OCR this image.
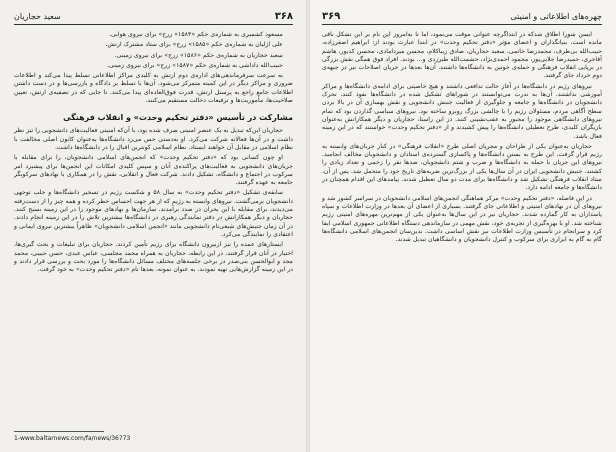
۳۶۸
سعید حجاریان

مسعود کشمیری به شماره‌ی حکم «۱۵۸۴» زرج» برای نیروی هوایی.

علی اژلیان به شماره‌ی حکم «۱۵۸۵» زرج» برای ستاد مشترک ارتش.

سعید حجاریان به شماره‌ی حکم «۱۵۸۶» زرج» برای نیروی زمینی.

حبیب‌الله داداشی به شماره‌ی حکم «۱۵۸۷» زرج» برای نیروی زمینی.

به سرعت سرفرماندهی‌های اداره‌ی دوم ارتش به کلیدی مراکز اطلاعاتی تسلط پیدا می‌کند و اطلاعات ضروری و مراکز دیگر در این کمیته متمرکز می‌شود. آن‌ها با تسلط بر دادگاه و بازرسی‌ها و در دست داشتن اطلاعات جامع راجع به پرسنل ارتش، قدرت فوق‌العاده‌ای پیدا می‌کنند. تا جایی که در تصفیه‌ی ارتش، تعیین صلاحیت‌ها، مأموریت‌ها و ترفیعات دخالت مستقیم می‌کنند.

مشارکت در تأسیس «دفتر تحکیم وحدت» و انقلاب فرهنگی

حجاریان این‌که تبدیل به یک عنصر امنیتی صرف شده بود، با آن‌که امنیتی فعالیت‌های دانشجویی را تیز نظر داشت و در آن‌ها فعالانه شرکت می‌کرد. او به‌دستی حس می‌زد دانشگاه‌ها به‌عنوان کانون اصلی مخالفت با نظام اسلامی در مقابل آن خواهند ایستاد. نظام اسلامی کونترین اقبال را در دانشگاه‌ها داشت.

او چون کسانی بود که «دفتر تحکیم وحدت» که انجمن‌های اسلامی دانشجویان، را برای مقابله با جریان‌های دانشجویی به فعالیت‌های پراکنده‌ی آنان و سپس کلیدی امکانات این انجمن‌ها برای پیشبرد امر سرکوب در اجتماع و دانشگاه، تشکیل دادند. شرکت فعال و انقلابی، نقش را در همکاری با نهادهای سرکوبگر جامعه به عهده گرفتند.

سابقه‌ی تشکیل «دفتر تحکیم وحدت» به سال ۵۸ و شکست رژیم در تسخیر دانشگاه‌ها و جلب توجهی دانشجویان برمی‌گشت. نیروهای وابسته به رژیم که از هر جهت احساس خطر کرده و همه چیز را از دست‌رفته می‌دیدند، برای مقابله با این بحران در صدد برآمدند. سازمان‌ها و نهادهای موجود را در این زمینه بسیج کنند. حجاریان و دیگر همکارانش در دفتر نمایندگی رهبری در دانشگاه‌ها بیشترین تلاش را در این زمینه انجام دادند. در آن زمان جنبش‌های شیعی‌نام دانشجویی مانند «انجمن اسلامی دانشجویان» ظاهراً بیشترین نیروی ایمانی و اعتقادی را نمایندگی می‌کرد.

ایستارهای عمده را نیز ازبیرون دانشگاه برای رژیم تأمین کردند. حجاریان برای تبلیغات و بحث گیری‌ها، اختیار در آنان قرار گرفتند. در این رابطه، حجاریان به همراه محمد مجلسی، عباس عبدی، حسن حبیبی، محمد مجد و ابوالحسن بنی‌صدر در برخی جلسه‌های مختلف مسائل دانشگاه‌ها را مورد بحث و بررسی قرار دادند و در این زمینه گزارش‌هایی تهیه نمودند. به عنوان نمونه، بعدها نام «دفتر تحکیم وحدت» به خود گرفت.

1-www.baltarnews.com/fa/news/36773
چهره‌های اطلاعاتی و امنیتی
۳۶۹

ایسن شورا اطلاق شدکه در ابتداگرچه عنوانی موقت می‌نمود، اما تا به‌امروز این نام بر این تشکل باقی مانده است. بنیانگذاران و اعضای مؤثر «دفتر تحکیم وحدت» در ابتدا عبارت بودند از: ابراهیم اصغرزاده، حبیب‌الله بی‌طرف، محمدرضا خاتمی، سعید حجاریان، صادق زیباکلام، محسن میردامادی، محسن کدیور، هاشم آقاجری، حمیدرضا جلایی‌پور، محمود احمدی‌نژاد، حشمت‌الله طبرزدی و... بودند. افراد فوق همگی نقش بزرگی در برپایی انقلاب فرهنگی و حمله‌ی خونین به دانشگاه‌ها داشتند. آن‌ها بعدها در جریان اصلاحات نیز در جبهه‌ی دوم خرداد جای گرفتند.

نیروهای رژیم در دانشگاه‌ها در آغاز حالت تدافعی داشتند و هیچ خاصیتی برای ادامه‌ی دانشگاه‌ها و مراکز آموزشی نداشتند. آن‌ها به ندرت می‌توانستند در شوراهای تشکیل شده در دانشگاه‌ها نفوذ کنند. تحرک دانشجویان در دانشگاه‌ها و جامعه و جلوگیری از فعالیت جنبش دانشجویی و نقش بهسازی آن در بالا بردن سطح آگاهی مردم، مسئولان رژیم را یا چالشی بزرگ روبرو ساخته بود. نیروهای سیاسی گذاردن بود که تمام نیروهای دانشگاهی موجود را مجبور به عقب‌نشینی کنند. در این راستا، حجاریان و دیگر همکارانش به‌عنوان بازیگران کلیدی، طرح تعطیلی دانشگاه‌ها را پیش کشیدند و از «دفتر تحکیم وحدت» خواستند که در این زمینه فعال باشد.

حجاریان به‌عنوان یکی از طراحان و مجریان اصلی طرح «انقلاب فرهنگی» در کنار جریان‌های وابسته به رژیم قرار گرفت. این طرح به بستن دانشگاه‌ها و پاکسازی گسترده‌ی استادان و دانشجویان مخالف انجامید. نیروهای این جریان با حمله به دانشگاه‌ها و ضرب و شتم دانشجویان، صدها نفر را زخمی و تعداد زیادی را کشتند. جنبش دانشجویی ایران در آن سال‌ها یکی از بزرگ‌ترین ضربه‌های تاریخ خود را متحمل شد. پس از آن، ستاد انقلاب فرهنگی تشکیل شد و دانشگاه‌ها برای مدت دو سال تعطیل شدند. پیامدهای این اقدام همچنان در دانشگاه‌ها و جامعه ادامه دارد.

در این فاصله، «دفتر تحکیم وحدت» مرکز هماهنگی انجمن‌های اسلامی دانشجویان در سراسر کشور شد و نیروهای آن در نهادهای امنیتی و اطلاعاتی جای گرفتند. بسیاری از اعضای آن بعدها در وزارت اطلاعات و سپاه پاسداران به کار گمارده شدند. حجاریان نیز در این سال‌ها به‌عنوان یکی از مهم‌ترین مهره‌های امنیتی رژیم شناخته شد. او با بهره‌گیری از تجربه‌ی خود، نقش مهمی در سازماندهی دستگاه اطلاعاتی جمهوری اسلامی ایفا کرد و سرانجام در تأسیس وزارت اطلاعات نیز نقش اساسی داشت. بدین‌سان انجمن‌های اسلامی دانشگاه‌ها گام به گام به ابزاری برای سرکوب و کنترل دانشجویان و دانشگاهیان تبدیل شدند.
